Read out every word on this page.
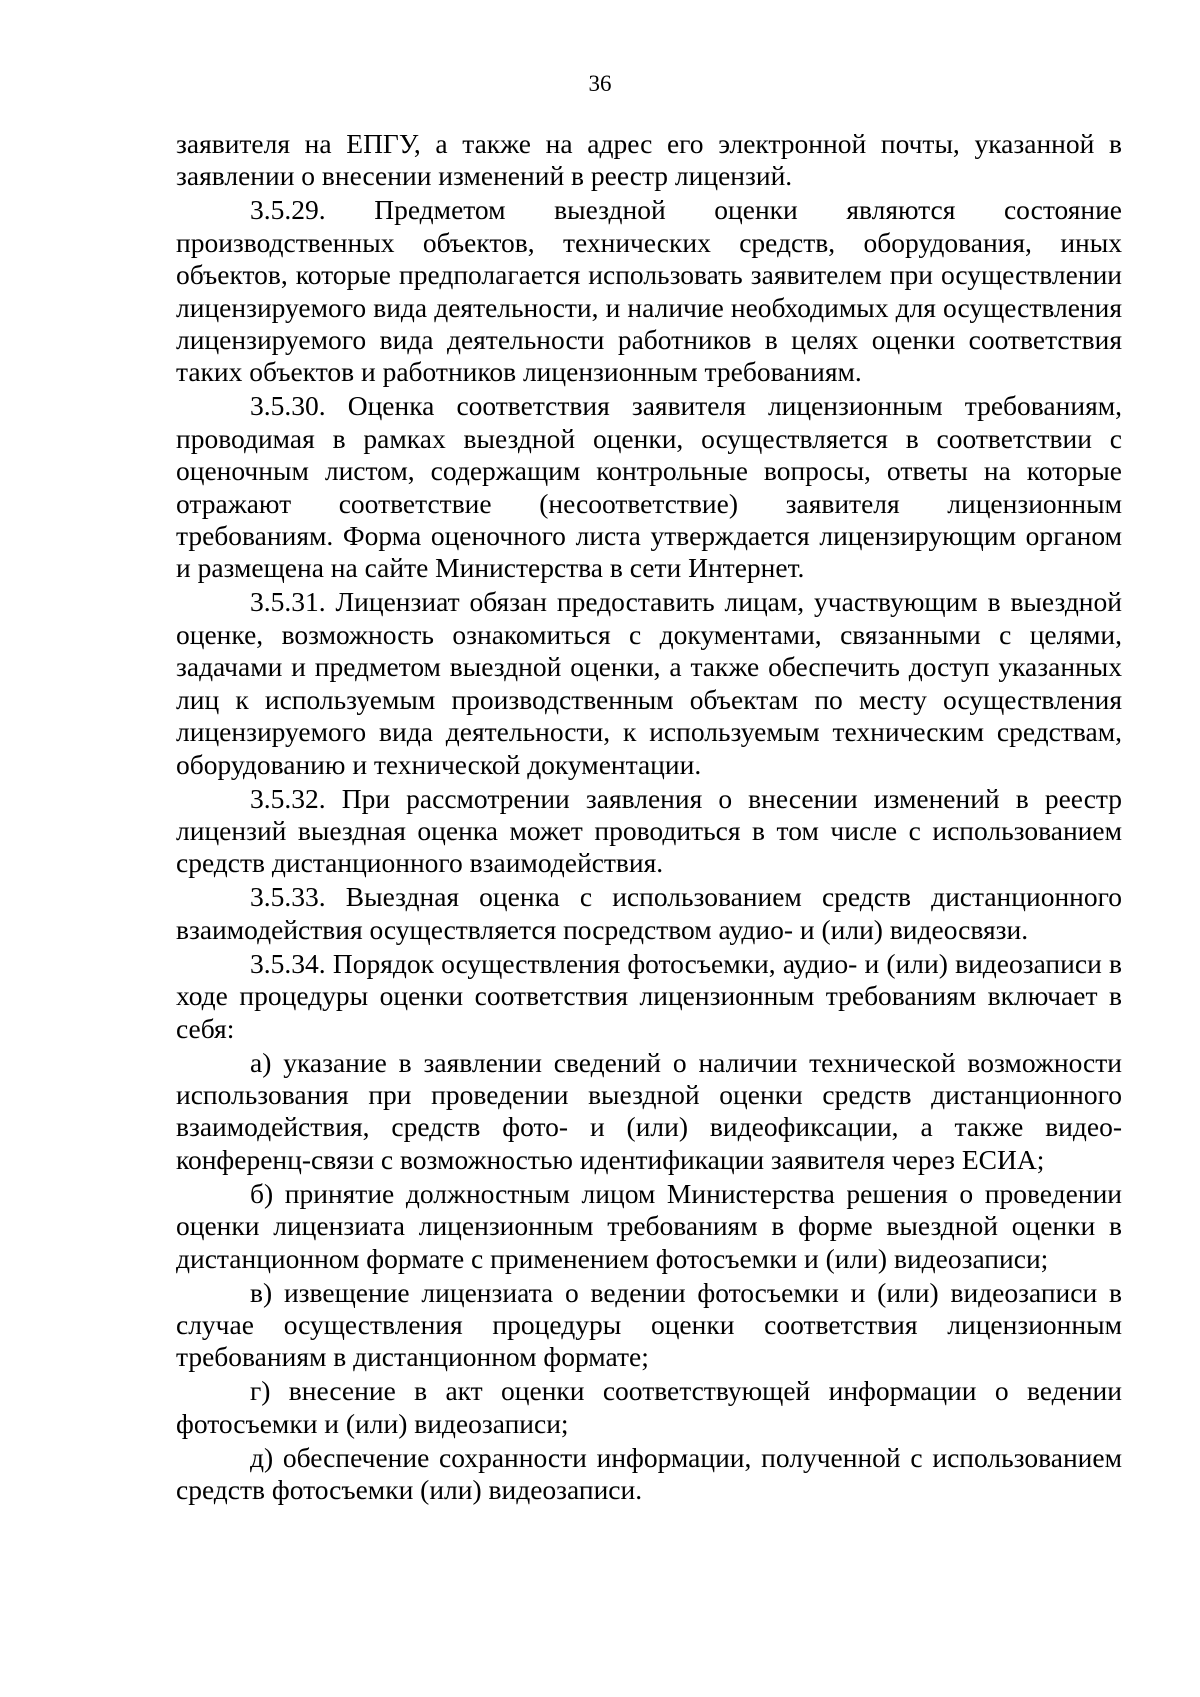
36

заявителя на ЕПГУ, а также на адрес его электронной почты, указанной в заявлении о внесении изменений в реестр лицензий.

3.5.29. Предметом выездной оценки являются состояние производственных объектов, технических средств, оборудования, иных объектов, которые предполагается использовать заявителем при осуществлении лицензируемого вида деятельности, и наличие необходимых для осуществления лицензируемого вида деятельности работников в целях оценки соответствия таких объектов и работников лицензионным требованиям.

3.5.30. Оценка соответствия заявителя лицензионным требованиям, проводимая в рамках выездной оценки, осуществляется в соответствии с оценочным листом, содержащим контрольные вопросы, ответы на которые отражают соответствие (несоответствие) заявителя лицензионным требованиям. Форма оценочного листа утверждается лицензирующим органом и размещена на сайте Министерства в сети Интернет.

3.5.31. Лицензиат обязан предоставить лицам, участвующим в выездной оценке, возможность ознакомиться с документами, связанными с целями, задачами и предметом выездной оценки, а также обеспечить доступ указанных лиц к используемым производственным объектам по месту осуществления лицензируемого вида деятельности, к используемым техническим средствам, оборудованию и технической документации.

3.5.32. При рассмотрении заявления о внесении изменений в реестр лицензий выездная оценка может проводиться в том числе с использованием средств дистанционного взаимодействия.

3.5.33. Выездная оценка с использованием средств дистанционного взаимодействия осуществляется посредством аудио- и (или) видеосвязи.

3.5.34. Порядок осуществления фотосъемки, аудио- и (или) видеозаписи в ходе процедуры оценки соответствия лицензионным требованиям включает в себя:

а) указание в заявлении сведений о наличии технической возможности использования при проведении выездной оценки средств дистанционного взаимодействия, средств фото- и (или) видеофиксации, а также видео-конференц-связи с возможностью идентификации заявителя через ЕСИА;

б) принятие должностным лицом Министерства решения о проведении оценки лицензиата лицензионным требованиям в форме выездной оценки в дистанционном формате с применением фотосъемки и (или) видеозаписи;

в) извещение лицензиата о ведении фотосъемки и (или) видеозаписи в случае осуществления процедуры оценки соответствия лицензионным требованиям в дистанционном формате;

г) внесение в акт оценки соответствующей информации о ведении фотосъемки и (или) видеозаписи;

д) обеспечение сохранности информации, полученной с использованием средств фотосъемки (или) видеозаписи.
